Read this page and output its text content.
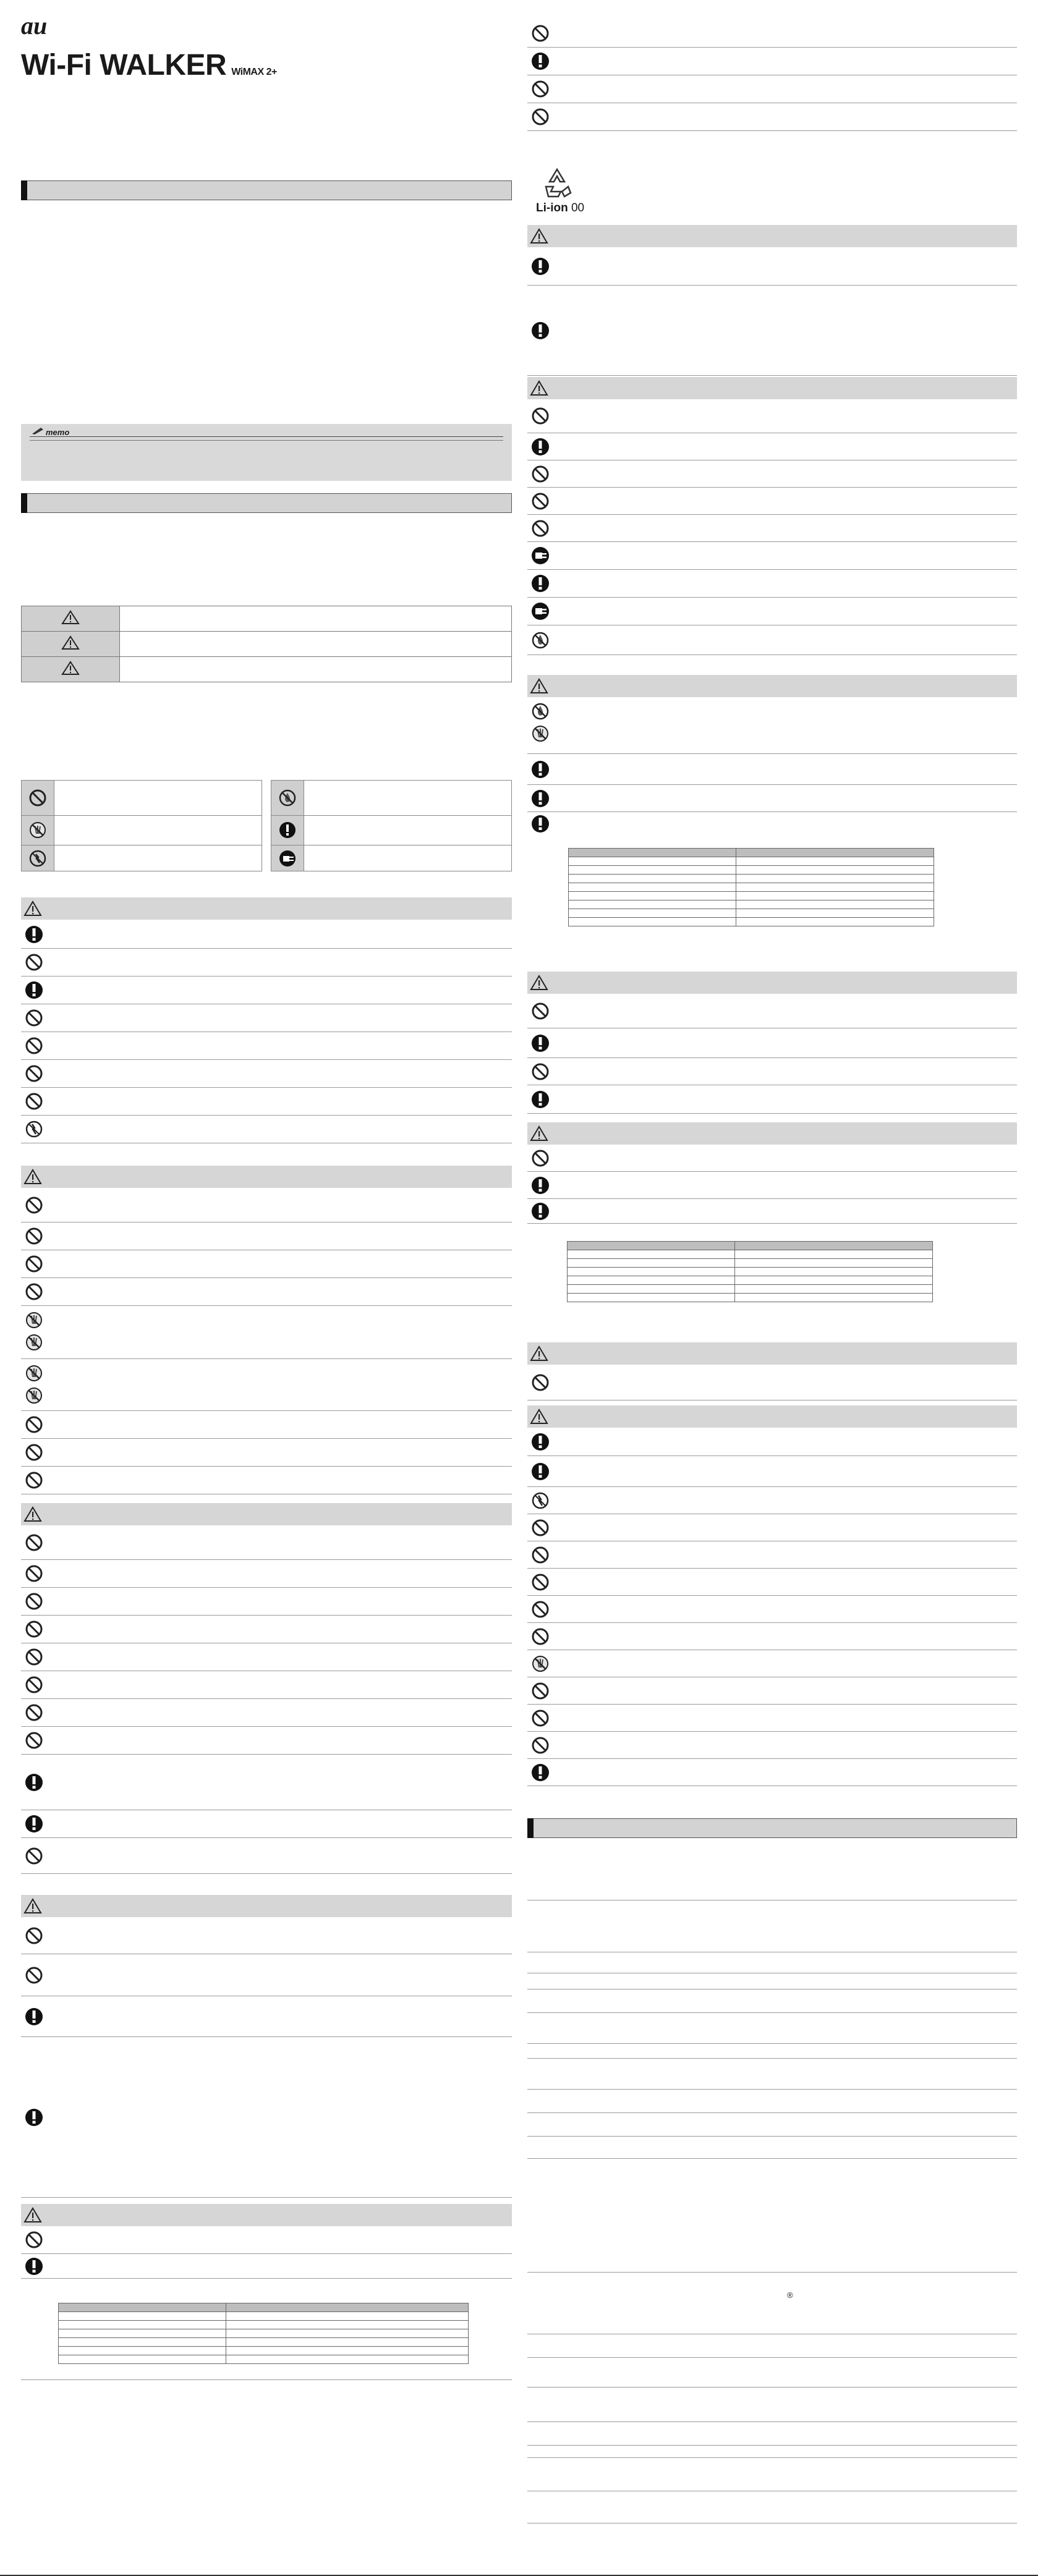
au
Wi-Fi WALKER WiMAX 2+
memo

Li-ion 00
®
